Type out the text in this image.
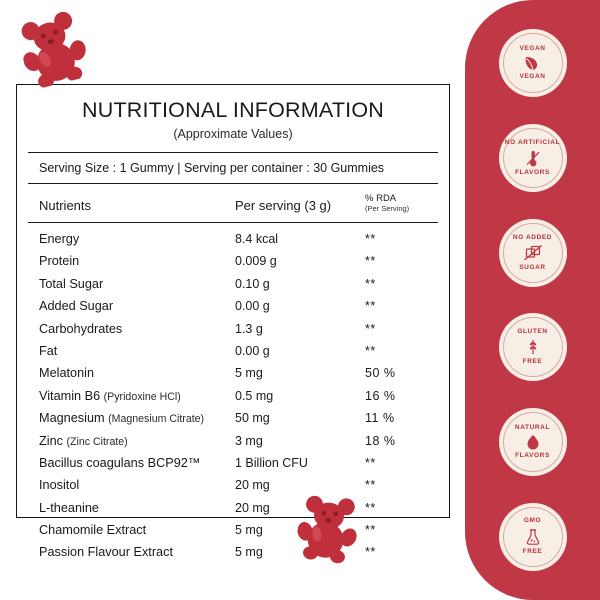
VEGAN
VEGAN
NO ARTIFICIAL
FLAVORS
NO ADDED
SUGAR
GLUTEN
FREE
NATURAL
FLAVORS
GMO
FREE
NUTRITIONAL INFORMATION
(Approximate Values)
Serving Size : 1 Gummy | Serving per container : 30 Gummies
Nutrients	Per serving (3 g)	% RDA
(Per Serving)
Energy	8.4 kcal	**
Protein	0.009 g	**
Total Sugar	0.10 g	**
Added Sugar	0.00 g	**
Carbohydrates	1.3 g	**
Fat	0.00 g	**
Melatonin	5 mg	50 %
Vitamin B6 (Pyridoxine HCl)	0.5 mg	16 %
Magnesium (Magnesium Citrate)	50 mg	11 %
Zinc (Zinc Citrate)	3 mg	18 %
Bacillus coagulans BCP92™	1 Billion CFU	**
Inositol	20 mg	**
L-theanine	20 mg	**
Chamomile Extract	5 mg	**
Passion Flavour Extract	5 mg	**
